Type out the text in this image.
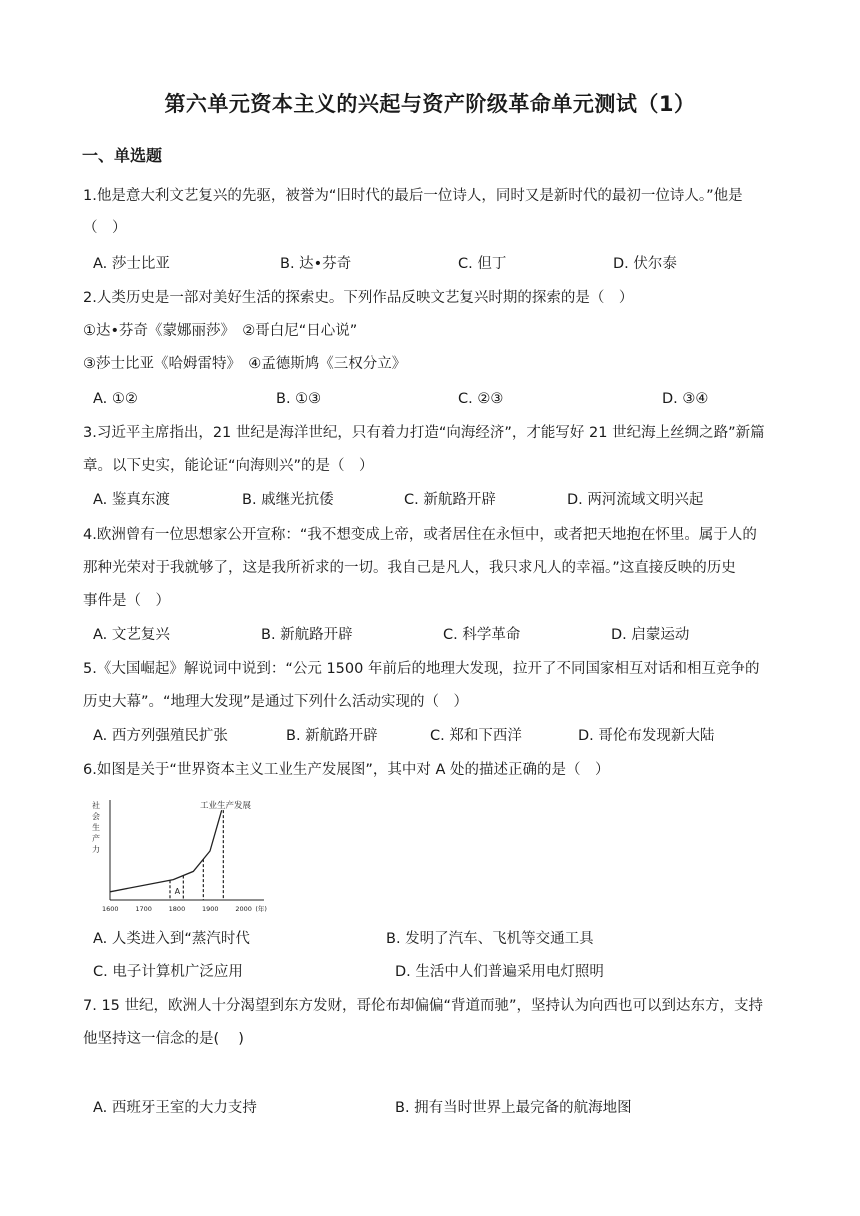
第六单元资本主义的兴起与资产阶级革命单元测试（1）
一、单选题
1.他是意大利文艺复兴的先驱，被誉为“旧时代的最后一位诗人，同时又是新时代的最初一位诗人。”他是
（　）
A. 莎士比亚	B. 达•芬奇	C. 但丁	D. 伏尔泰
2.人类历史是一部对美好生活的探索史。下列作品反映文艺复兴时期的探索的是（　）
①达•芬奇《蒙娜丽莎》　②哥白尼“日心说”
③莎士比亚《哈姆雷特》　④孟德斯鸠《三权分立》
A. ①②	B. ①③	C. ②③	D. ③④
3.习近平主席指出，21 世纪是海洋世纪，只有着力打造“向海经济”，才能写好 21 世纪海上丝绸之路”新篇
章。以下史实，能论证“向海则兴”的是（　）
A. 鉴真东渡	B. 戚继光抗倭	C. 新航路开辟	D. 两河流域文明兴起
4.欧洲曾有一位思想家公开宣称：“我不想变成上帝，或者居住在永恒中，或者把天地抱在怀里。属于人的
那种光荣对于我就够了，这是我所祈求的一切。我自己是凡人，我只求凡人的幸福。”这直接反映的历史
事件是（　）
A. 文艺复兴	B. 新航路开辟	C. 科学革命	D. 启蒙运动
5.《大国崛起》解说词中说到：“公元 1500 年前后的地理大发现，拉开了不同国家相互对话和相互竞争的
历史大幕”。“地理大发现”是通过下列什么活动实现的（　）
A. 西方列强殖民扩张	B. 新航路开辟	C. 郑和下西洋	D. 哥伦布发现新大陆
6.如图是关于“世界资本主义工业生产发展图”，其中对 A 处的描述正确的是（　）
工业生产发展
社
会
生
产
力
1600	1700	1800	1900	2000 (年)
A
A. 人类进入到“蒸汽时代	B. 发明了汽车、飞机等交通工具
C. 电子计算机广泛应用	D. 生活中人们普遍采用电灯照明
7. 15 世纪，欧洲人十分渴望到东方发财，哥伦布却偏偏“背道而驰”，坚持认为向西也可以到达东方，支持
他坚持这一信念的是(　 )
A. 西班牙王室的大力支持	B. 拥有当时世界上最完备的航海地图
